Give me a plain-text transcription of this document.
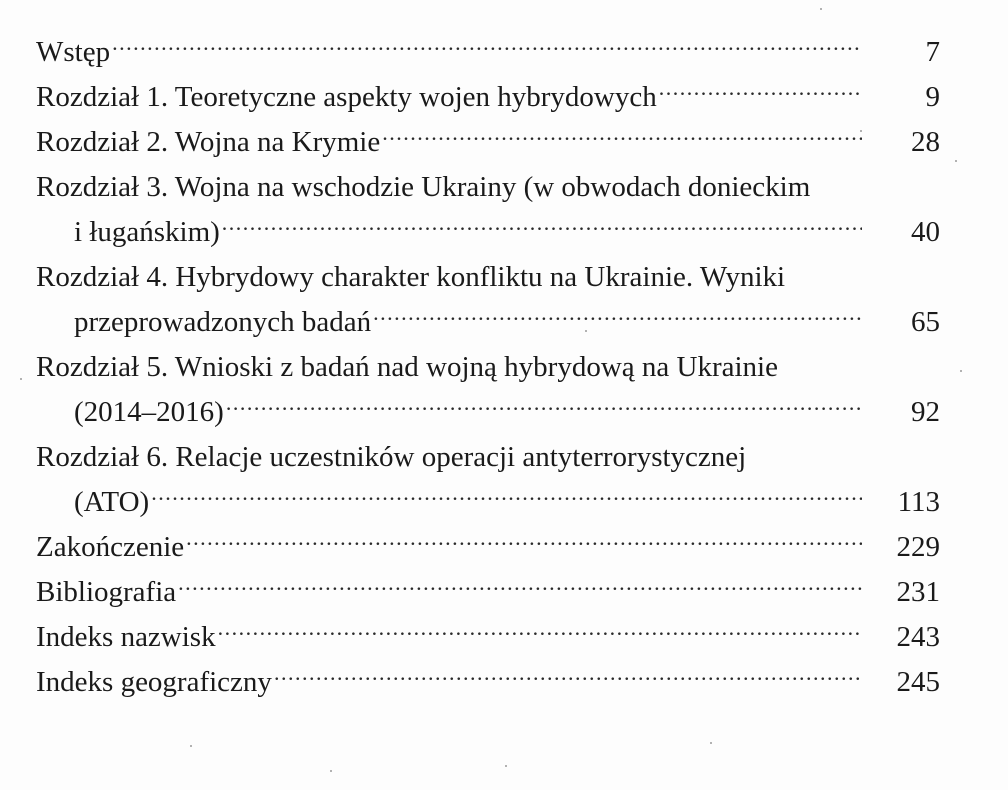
Wstęp .....	7
Rozdział 1. Teoretyczne aspekty wojen hybrydowych .....	9
Rozdział 2. Wojna na Krymie .....	28
Rozdział 3. Wojna na wschodzie Ukrainy (w obwodach donieckim
i ługańskim) .....	40
Rozdział 4. Hybrydowy charakter konfliktu na Ukrainie. Wyniki
przeprowadzonych badań .....	65
Rozdział 5. Wnioski z badań nad wojną hybrydową na Ukrainie
(2014–2016) .....	92
Rozdział 6. Relacje uczestników operacji antyterrorystycznej
(ATO) .....	113
Zakończenie .....	229
Bibliografia .....	231
Indeks nazwisk .....	243
Indeks geograficzny .....	245
